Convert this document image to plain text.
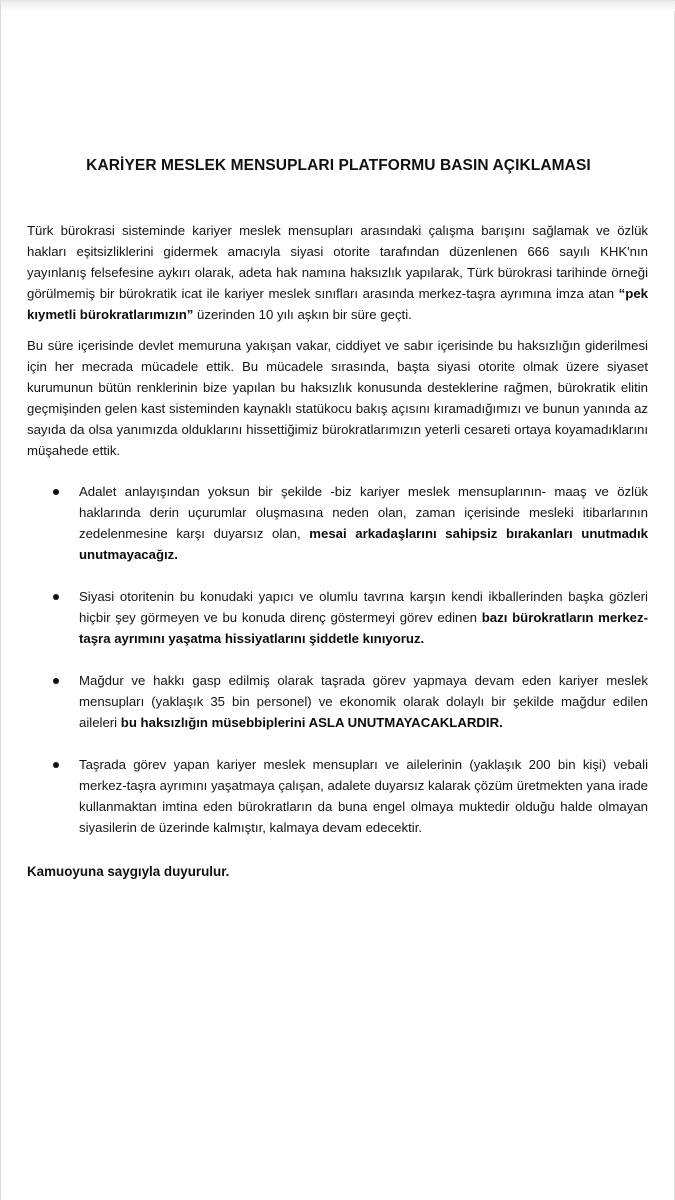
KARİYER MESLEK MENSUPLARI PLATFORMU BASIN AÇIKLAMASI

Türk bürokrasi sisteminde kariyer meslek mensupları arasındaki çalışma barışını sağlamak ve özlük hakları eşitsizliklerini gidermek amacıyla siyasi otorite tarafından düzenlenen 666 sayılı KHK'nın yayınlanış felsefesine aykırı olarak, adeta hak namına haksızlık yapılarak, Türk bürokrasi tarihinde örneği görülmemiş bir bürokratik icat ile kariyer meslek sınıfları arasında merkez-taşra ayrımına imza atan “pek kıymetli bürokratlarımızın” üzerinden 10 yılı aşkın bir süre geçti.

Bu süre içerisinde devlet memuruna yakışan vakar, ciddiyet ve sabır içerisinde bu haksızlığın giderilmesi için her mecrada mücadele ettik. Bu mücadele sırasında, başta siyasi otorite olmak üzere siyaset kurumunun bütün renklerinin bize yapılan bu haksızlık konusunda desteklerine rağmen, bürokratik elitin geçmişinden gelen kast sisteminden kaynaklı statükocu bakış açısını kıramadığımızı ve bunun yanında az sayıda da olsa yanımızda olduklarını hissettiğimiz bürokratlarımızın yeterli cesareti ortaya koyamadıklarını müşahede ettik.

Adalet anlayışından yoksun bir şekilde -biz kariyer meslek mensuplarının- maaş ve özlük haklarında derin uçurumlar oluşmasına neden olan, zaman içerisinde mesleki itibarlarının zedelenmesine karşı duyarsız olan, mesai arkadaşlarını sahipsiz bırakanları unutmadık unutmayacağız.
Siyasi otoritenin bu konudaki yapıcı ve olumlu tavrına karşın kendi ikballerinden başka gözleri hiçbir şey görmeyen ve bu konuda direnç göstermeyi görev edinen bazı bürokratların merkez-taşra ayrımını yaşatma hissiyatlarını şiddetle kınıyoruz.
Mağdur ve hakkı gasp edilmiş olarak taşrada görev yapmaya devam eden kariyer meslek mensupları (yaklaşık 35 bin personel) ve ekonomik olarak dolaylı bir şekilde mağdur edilen aileleri bu haksızlığın müsebbiplerini ASLA UNUTMAYACAKLARDIR.
Taşrada görev yapan kariyer meslek mensupları ve ailelerinin (yaklaşık 200 bin kişi) vebali merkez-taşra ayrımını yaşatmaya çalışan, adalete duyarsız kalarak çözüm üretmekten yana irade kullanmaktan imtina eden bürokratların da buna engel olmaya muktedir olduğu halde olmayan siyasilerin de üzerinde kalmıştır, kalmaya devam edecektir.
Kamuoyuna saygıyla duyurulur.
